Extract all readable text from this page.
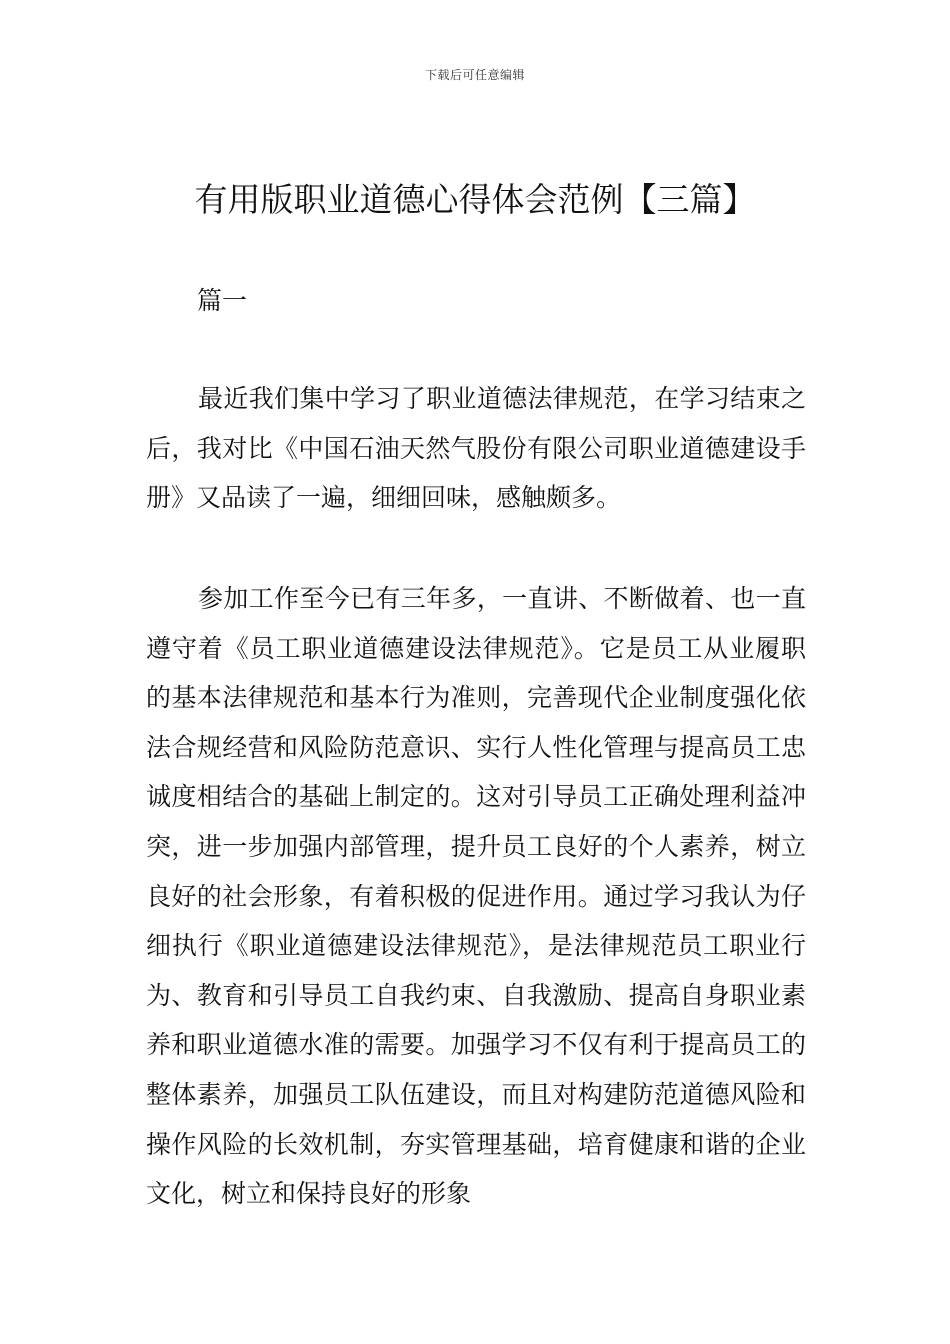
下载后可任意编辑
有用版职业道德心得体会范例【三篇】
篇一

最近我们集中学习了职业道德法律规范，在学习结束之后，我对比《中国石油天然气股份有限公司职业道德建设手册》又品读了一遍，细细回味，感触颇多。

参加工作至今已有三年多，一直讲、不断做着、也一直遵守着《员工职业道德建设法律规范》。它是员工从业履职的基本法律规范和基本行为准则，完善现代企业制度强化依法合规经营和风险防范意识、实行人性化管理与提高员工忠诚度相结合的基础上制定的。这对引导员工正确处理利益冲突，进一步加强内部管理，提升员工良好的个人素养，树立良好的社会形象，有着积极的促进作用。通过学习我认为仔细执行《职业道德建设法律规范》，是法律规范员工职业行为、教育和引导员工自我约束、自我激励、提高自身职业素养和职业道德水准的需要。加强学习不仅有利于提高员工的整体素养，加强员工队伍建设，而且对构建防范道德风险和操作风险的长效机制，夯实管理基础，培育健康和谐的企业文化，树立和保持良好的形象
